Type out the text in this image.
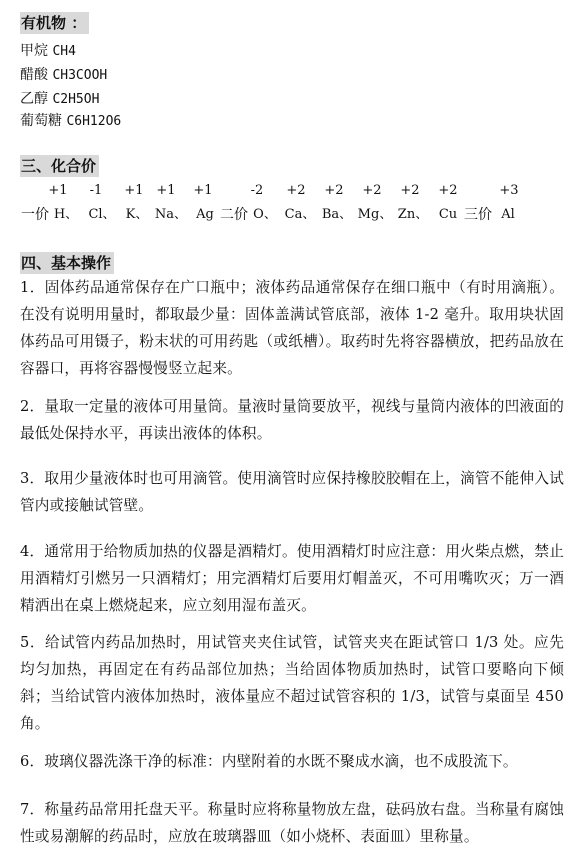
有机物 ：
甲烷 CH4
醋酸 CH3COOH
乙醇 C2H5OH
葡萄糖 C6H12O6
三、化合价
+1 -1 +1 +1 +1	-2 +2 +2 +2 +2 +2	+3
一价 H、 Cl、 K、 Na、 Ag 二价 O、 Ca、 Ba、 Mg、 Zn、 Cu 三价 Al
四、基本操作

1．固体药品通常保存在广口瓶中；液体药品通常保存在细口瓶中（有时用滴瓶）。在没有说明用量时，都取最少量：固体盖满试管底部，液体 1-2 毫升。取用块状固体药品可用镊子，粉末状的可用药匙（或纸槽）。取药时先将容器横放，把药品放在容器口，再将容器慢慢竖立起来。

2．量取一定量的液体可用量筒。量液时量筒要放平，视线与量筒内液体的凹液面的最低处保持水平，再读出液体的体积。

3．取用少量液体时也可用滴管。使用滴管时应保持橡胶胶帽在上，滴管不能伸入试管内或接触试管壁。

4．通常用于给物质加热的仪器是酒精灯。使用酒精灯时应注意：用火柴点燃，禁止用酒精灯引燃另一只酒精灯；用完酒精灯后要用灯帽盖灭，不可用嘴吹灭；万一酒精洒出在桌上燃烧起来，应立刻用湿布盖灭。

5．给试管内药品加热时，用试管夹夹住试管，试管夹夹在距试管口 1/3 处。应先均匀加热，再固定在有药品部位加热；当给固体物质加热时，试管口要略向下倾斜；当给试管内液体加热时，液体量应不超过试管容积的 1/3，试管与桌面呈 450 角。

6．玻璃仪器洗涤干净的标准：内壁附着的水既不聚成水滴，也不成股流下。

7．称量药品常用托盘天平。称量时应将称量物放左盘，砝码放右盘。当称量有腐蚀性或易潮解的药品时，应放在玻璃器皿（如小烧杯、表面皿）里称量。
